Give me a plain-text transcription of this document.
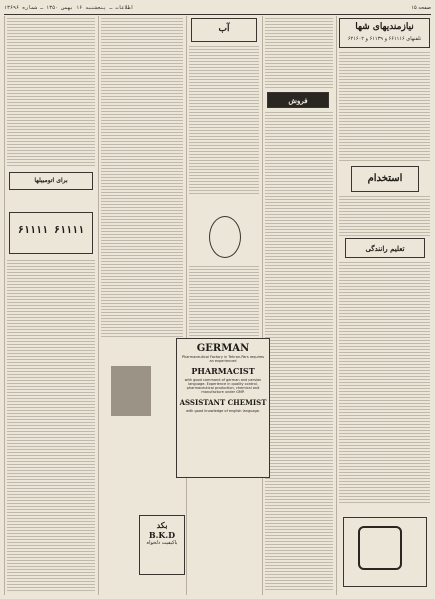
صفحه ۱۵
اطلاعات ـ پنجشنبه ۱۶ بهمن ۱۳۵۰ ـ شماره ۱۳۶۹۶
نیازمندیهای شها
تلفنهای ۶۶۱۱۱۶ و ۶۱۱۳۹ و ۶۲۱۶۰۲
استخدام
تعلیم رانندگی
فروش
آب
GERMAN
Pharmaceutical Factory in Tehran-Pars requires an experienced
PHARMACIST
with good command of german and persian language. Experience in quality control, pharmaceutical production, chemical and manufacture under GMP.
ASSISTANT CHEMIST
with good knowledge of english language.
بکد
B.K.D
باکیفیت دلخواه
برای اتومبیلها
۶۱۱۱۱ ۶۱۱۱۱
